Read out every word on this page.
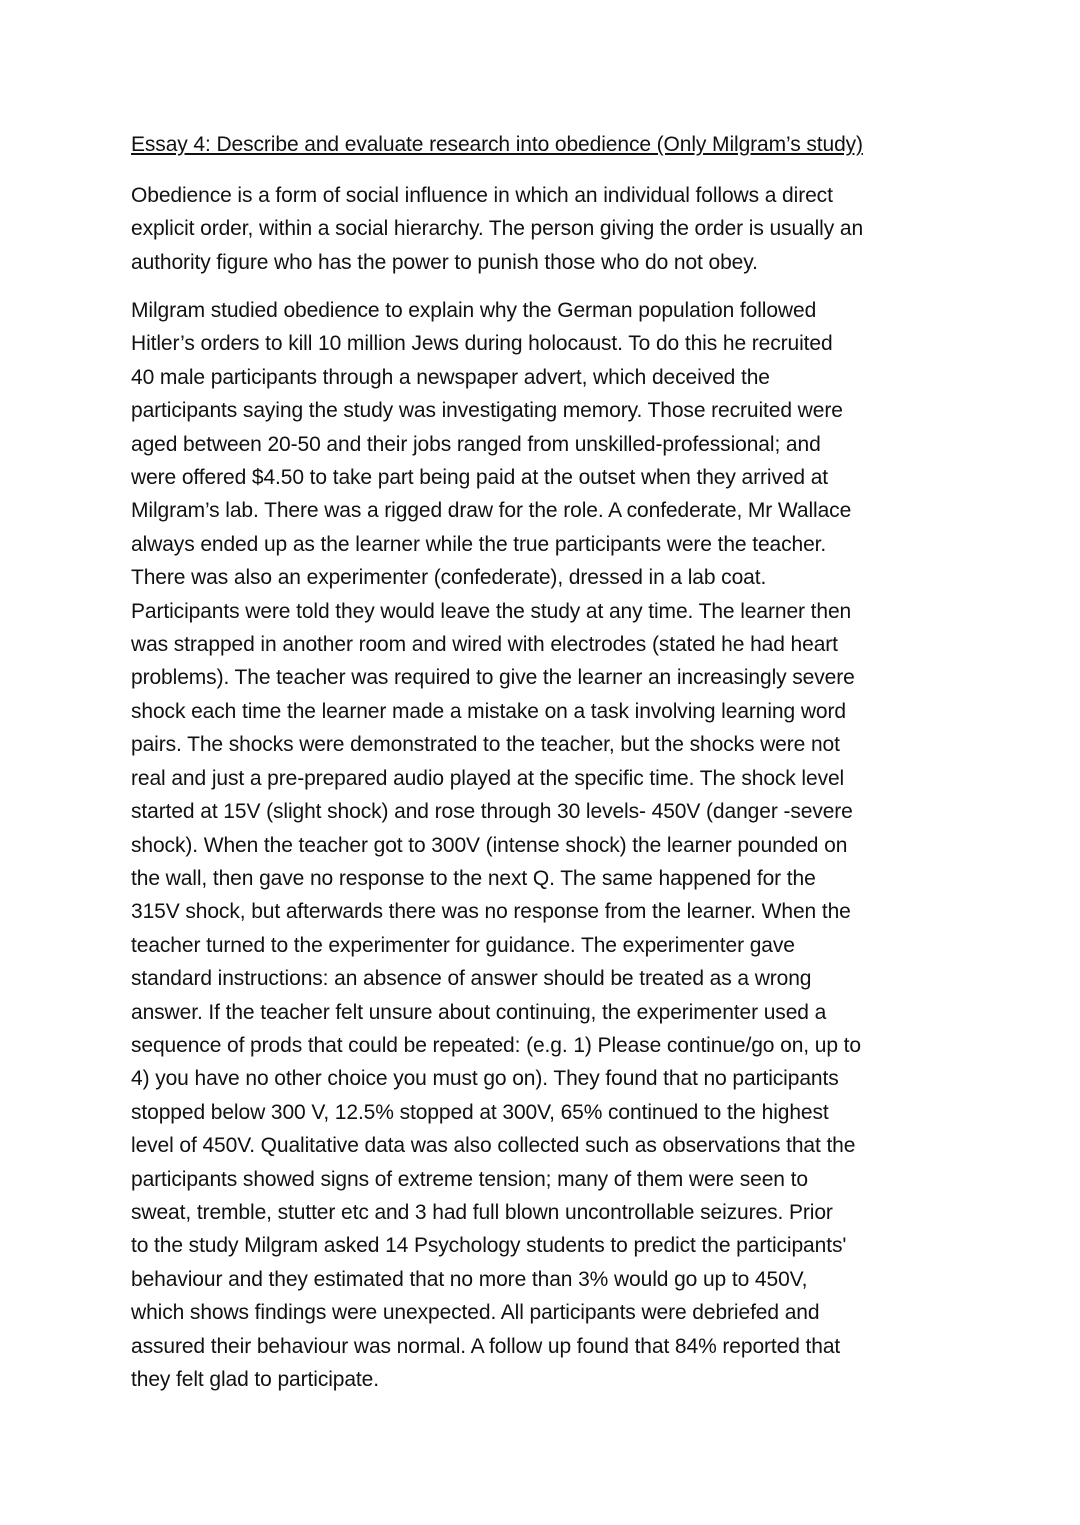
Essay 4: Describe and evaluate research into obedience (Only Milgram’s study)
Obedience is a form of social influence in which an individual follows a direct
explicit order, within a social hierarchy. The person giving the order is usually an
authority figure who has the power to punish those who do not obey.
Milgram studied obedience to explain why the German population followed
Hitler’s orders to kill 10 million Jews during holocaust. To do this he recruited
40 male participants through a newspaper advert, which deceived the
participants saying the study was investigating memory. Those recruited were
aged between 20-50 and their jobs ranged from unskilled-professional; and
were offered $4.50 to take part being paid at the outset when they arrived at
Milgram’s lab. There was a rigged draw for the role. A confederate, Mr Wallace
always ended up as the learner while the true participants were the teacher.
There was also an experimenter (confederate), dressed in a lab coat.
Participants were told they would leave the study at any time. The learner then
was strapped in another room and wired with electrodes (stated he had heart
problems). The teacher was required to give the learner an increasingly severe
shock each time the learner made a mistake on a task involving learning word
pairs. The shocks were demonstrated to the teacher, but the shocks were not
real and just a pre-prepared audio played at the specific time. The shock level
started at 15V (slight shock) and rose through 30 levels- 450V (danger -severe
shock). When the teacher got to 300V (intense shock) the learner pounded on
the wall, then gave no response to the next Q. The same happened for the
315V shock, but afterwards there was no response from the learner. When the
teacher turned to the experimenter for guidance. The experimenter gave
standard instructions: an absence of answer should be treated as a wrong
answer. If the teacher felt unsure about continuing, the experimenter used a
sequence of prods that could be repeated: (e.g. 1) Please continue/go on, up to
4) you have no other choice you must go on). They found that no participants
stopped below 300 V, 12.5% stopped at 300V, 65% continued to the highest
level of 450V. Qualitative data was also collected such as observations that the
participants showed signs of extreme tension; many of them were seen to
sweat, tremble, stutter etc and 3 had full blown uncontrollable seizures. Prior
to the study Milgram asked 14 Psychology students to predict the participants'
behaviour and they estimated that no more than 3% would go up to 450V,
which shows findings were unexpected. All participants were debriefed and
assured their behaviour was normal. A follow up found that 84% reported that
they felt glad to participate.
